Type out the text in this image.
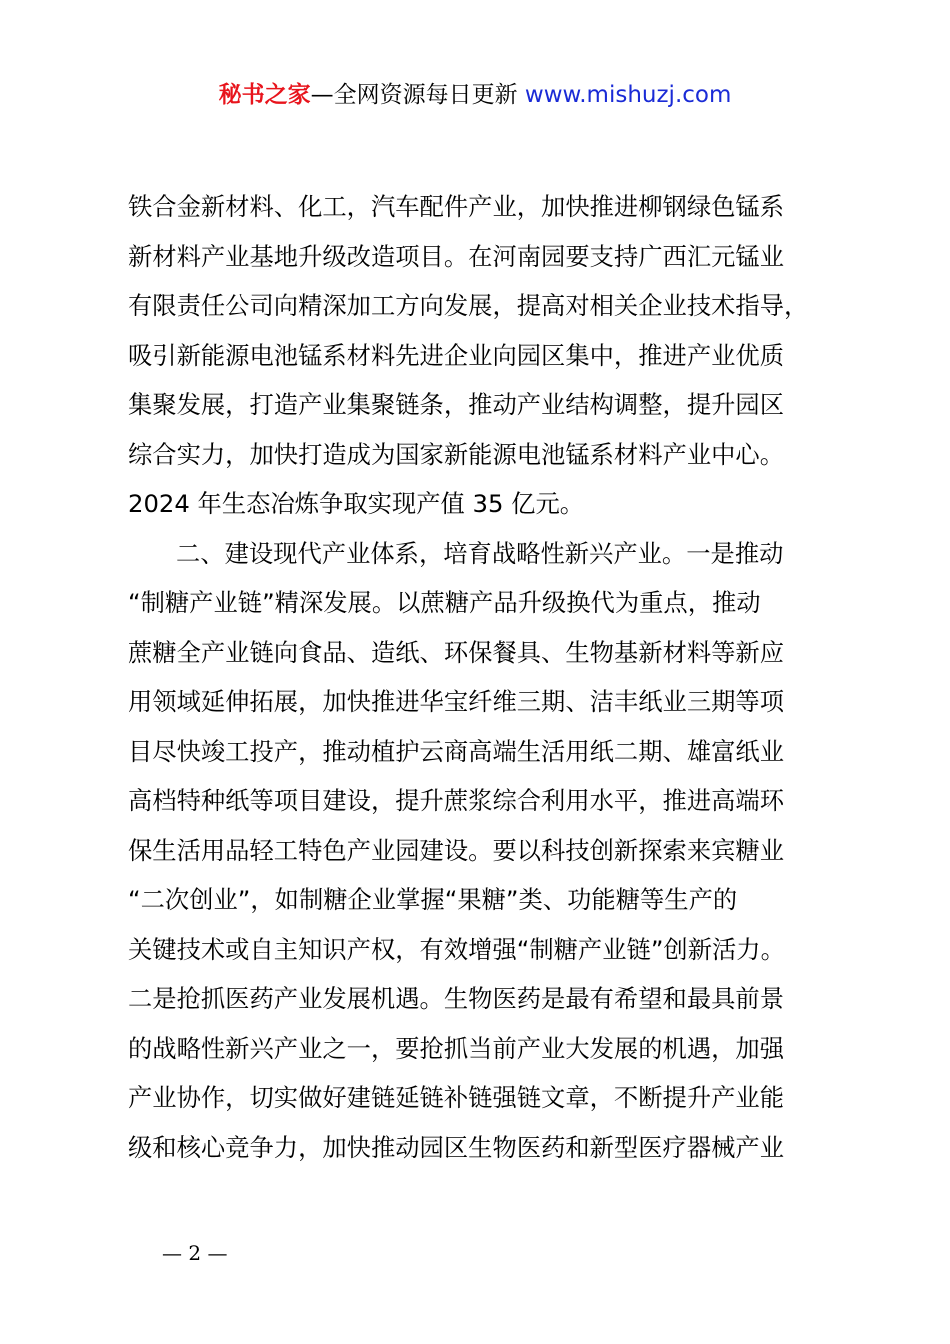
秘书之家—全网资源每日更新 www.mishuzj.com
铁合金新材料、化工，汽车配件产业，加快推进柳钢绿色锰系
新材料产业基地升级改造项目。在河南园要支持广西汇元锰业
有限责任公司向精深加工方向发展，提高对相关企业技术指导，
吸引新能源电池锰系材料先进企业向园区集中，推进产业优质
集聚发展，打造产业集聚链条，推动产业结构调整，提升园区
综合实力，加快打造成为国家新能源电池锰系材料产业中心。
2024 年生态冶炼争取实现产值 35 亿元。
二、建设现代产业体系，培育战略性新兴产业。一是推动
“制糖产业链”精深发展。以蔗糖产品升级换代为重点，推动
蔗糖全产业链向食品、造纸、环保餐具、生物基新材料等新应
用领域延伸拓展，加快推进华宝纤维三期、洁丰纸业三期等项
目尽快竣工投产，推动植护云商高端生活用纸二期、雄富纸业
高档特种纸等项目建设，提升蔗浆综合利用水平，推进高端环
保生活用品轻工特色产业园建设。要以科技创新探索来宾糖业
“二次创业”，如制糖企业掌握“果糖”类、功能糖等生产的
关键技术或自主知识产权，有效增强“制糖产业链”创新活力。
二是抢抓医药产业发展机遇。生物医药是最有希望和最具前景
的战略性新兴产业之一，要抢抓当前产业大发展的机遇，加强
产业协作，切实做好建链延链补链强链文章，不断提升产业能
级和核心竞争力，加快推动园区生物医药和新型医疗器械产业
— 2 —
